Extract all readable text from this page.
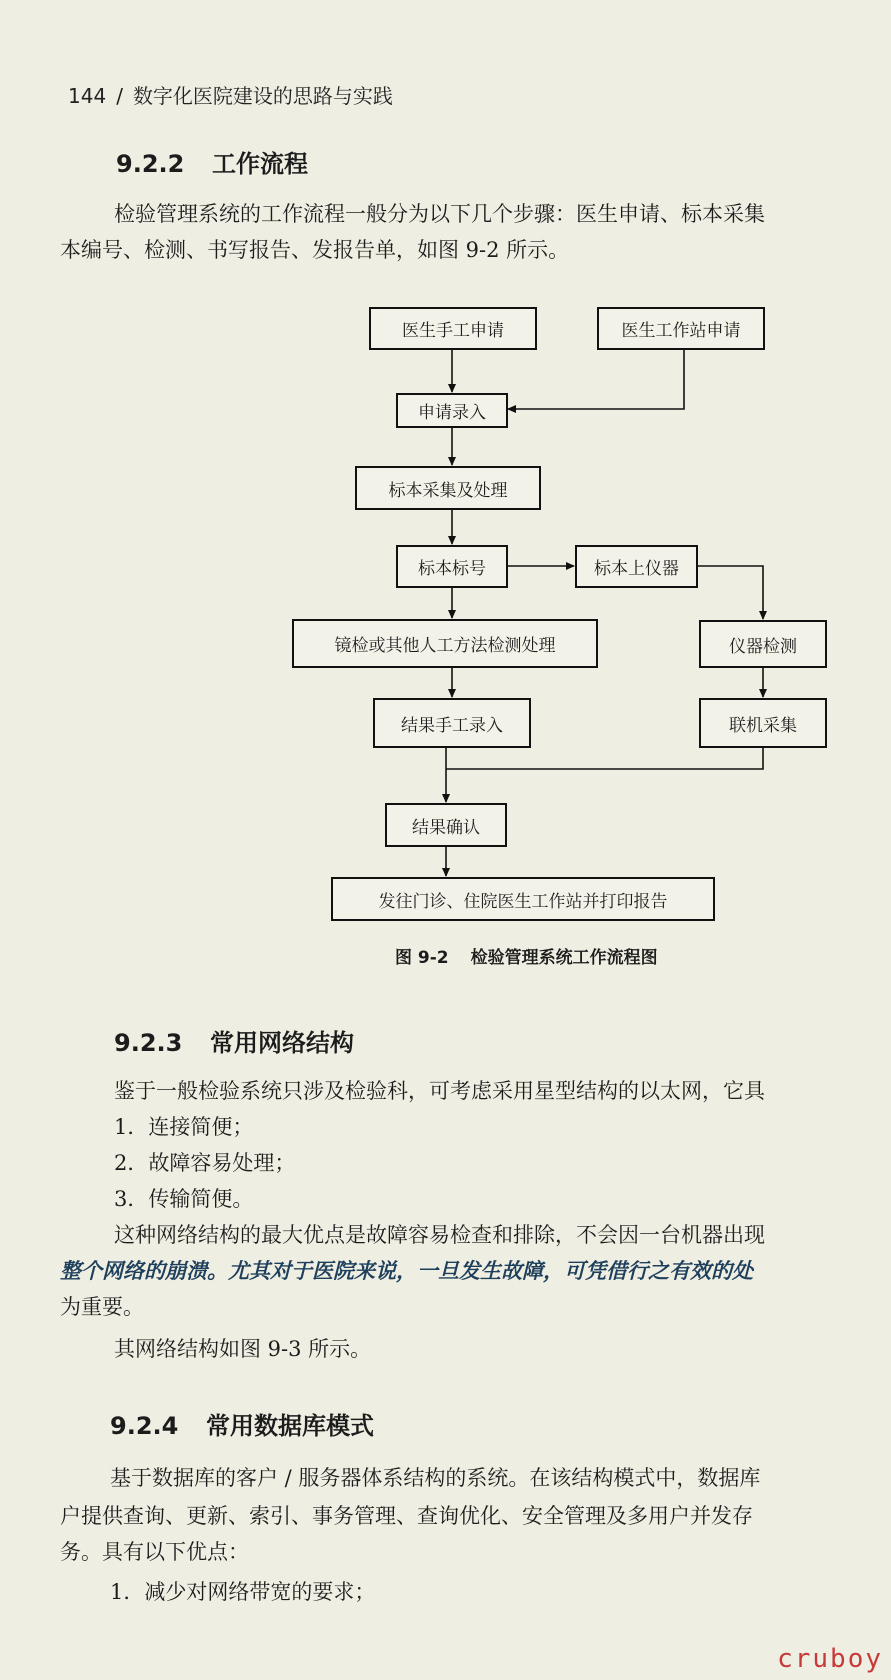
144 / 数字化医院建设的思路与实践
9.2.2 工作流程
检验管理系统的工作流程一般分为以下几个步骤：医生申请、标本采集
本编号、检测、书写报告、发报告单，如图 9-2 所示。
医生手工申请	医生工作站申请
申请录入
标本采集及处理
标本标号	标本上仪器
镜检或其他人工方法检测处理	仪器检测
结果手工录入	联机采集
结果确认
发往门诊、住院医生工作站并打印报告
图 9-2 检验管理系统工作流程图
9.2.3 常用网络结构
鉴于一般检验系统只涉及检验科，可考虑采用星型结构的以太网，它具
1．连接简便；
2．故障容易处理；
3．传输简便。
这种网络结构的最大优点是故障容易检查和排除，不会因一台机器出现
整个网络的崩溃。尤其对于医院来说，一旦发生故障，可凭借行之有效的处
为重要。
其网络结构如图 9-3 所示。
9.2.4 常用数据库模式
基于数据库的客户 / 服务器体系结构的系统。在该结构模式中，数据库
户提供查询、更新、索引、事务管理、查询优化、安全管理及多用户并发存
务。具有以下优点：
1．减少对网络带宽的要求；
cruboy
